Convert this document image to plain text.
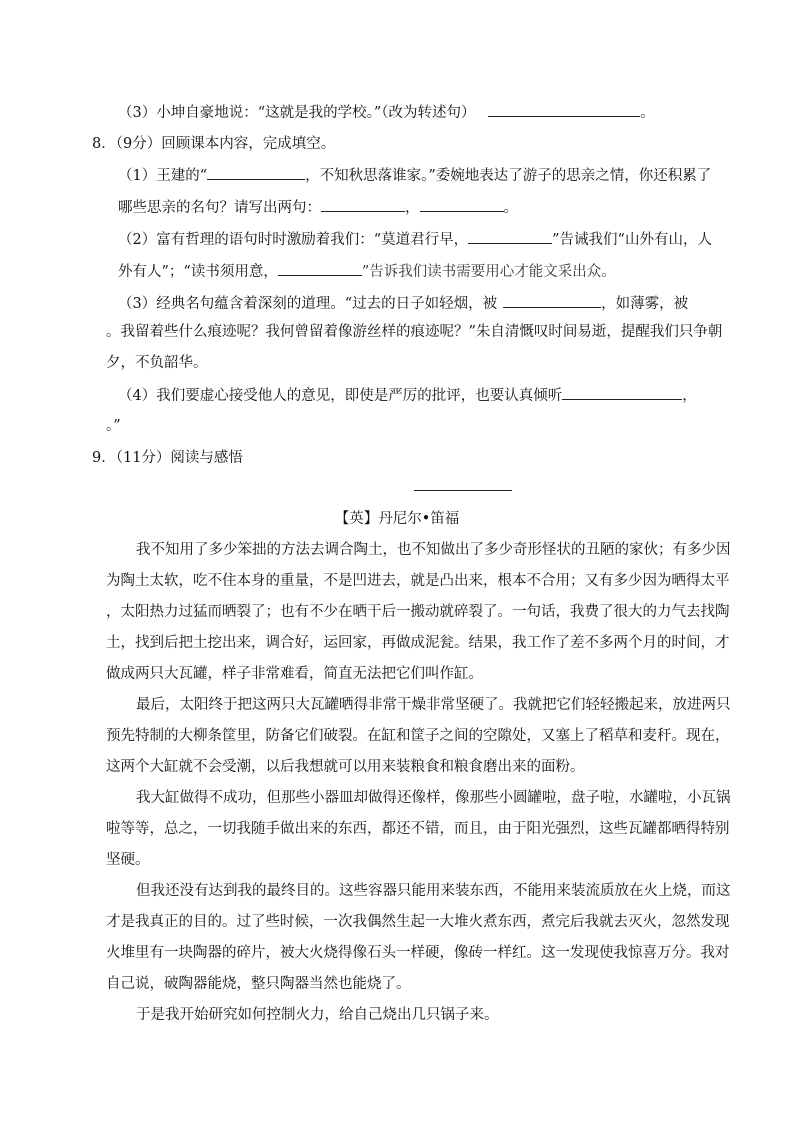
（3）小坤自豪地说：“这就是我的学校。”（改为转述句）	。
8．（9分）回顾课本内容，完成填空。
（1）王建的“	，不知秋思落谁家。”委婉地表达了游子的思亲之情，你还积累了
哪些思亲的名句？请写出两句：	，	。
（2）富有哲理的语句时时激励着我们：“莫道君行早，	”告诫我们“山外有山，人
外有人”；“读书须用意，	”告诉我们读书需要用心才能文采出众。
（3）经典名句蕴含着深刻的道理。“过去的日子如轻烟，被	，如薄雾，被
。我留着些什么痕迹呢？我何曾留着像游丝样的痕迹呢？”朱自清慨叹时间易逝，提醒我们只争朝
夕，不负韶华。
（4）我们要虚心接受他人的意见，即使是严厉的批评，也要认真倾听	，
。”
9．（11分）阅读与感悟
【英】丹尼尔•笛福
我不知用了多少笨拙的方法去调合陶土，也不知做出了多少奇形怪状的丑陋的家伙；有多少因
为陶土太软，吃不住本身的重量，不是凹进去，就是凸出来，根本不合用；又有多少因为晒得太平
，太阳热力过猛而晒裂了；也有不少在晒干后一搬动就碎裂了。一句话，我费了很大的力气去找陶
土，找到后把土挖出来，调合好，运回家，再做成泥瓮。结果，我工作了差不多两个月的时间，才
做成两只大瓦罐，样子非常难看，简直无法把它们叫作缸。
最后，太阳终于把这两只大瓦罐晒得非常干燥非常坚硬了。我就把它们轻轻搬起来，放进两只
预先特制的大柳条筐里，防备它们破裂。在缸和筐子之间的空隙处，又塞上了稻草和麦秆。现在，
这两个大缸就不会受潮，以后我想就可以用来装粮食和粮食磨出来的面粉。
我大缸做得不成功，但那些小器皿却做得还像样，像那些小圆罐啦，盘子啦，水罐啦，小瓦锅
啦等等，总之，一切我随手做出来的东西，都还不错，而且，由于阳光强烈，这些瓦罐都晒得特别
坚硬。
但我还没有达到我的最终目的。这些容器只能用来装东西，不能用来装流质放在火上烧，而这
才是我真正的目的。过了些时候，一次我偶然生起一大堆火煮东西，煮完后我就去灭火，忽然发现
火堆里有一块陶器的碎片，被大火烧得像石头一样硬，像砖一样红。这一发现使我惊喜万分。我对
自己说，破陶器能烧，整只陶器当然也能烧了。
于是我开始研究如何控制火力，给自己烧出几只锅子来。
